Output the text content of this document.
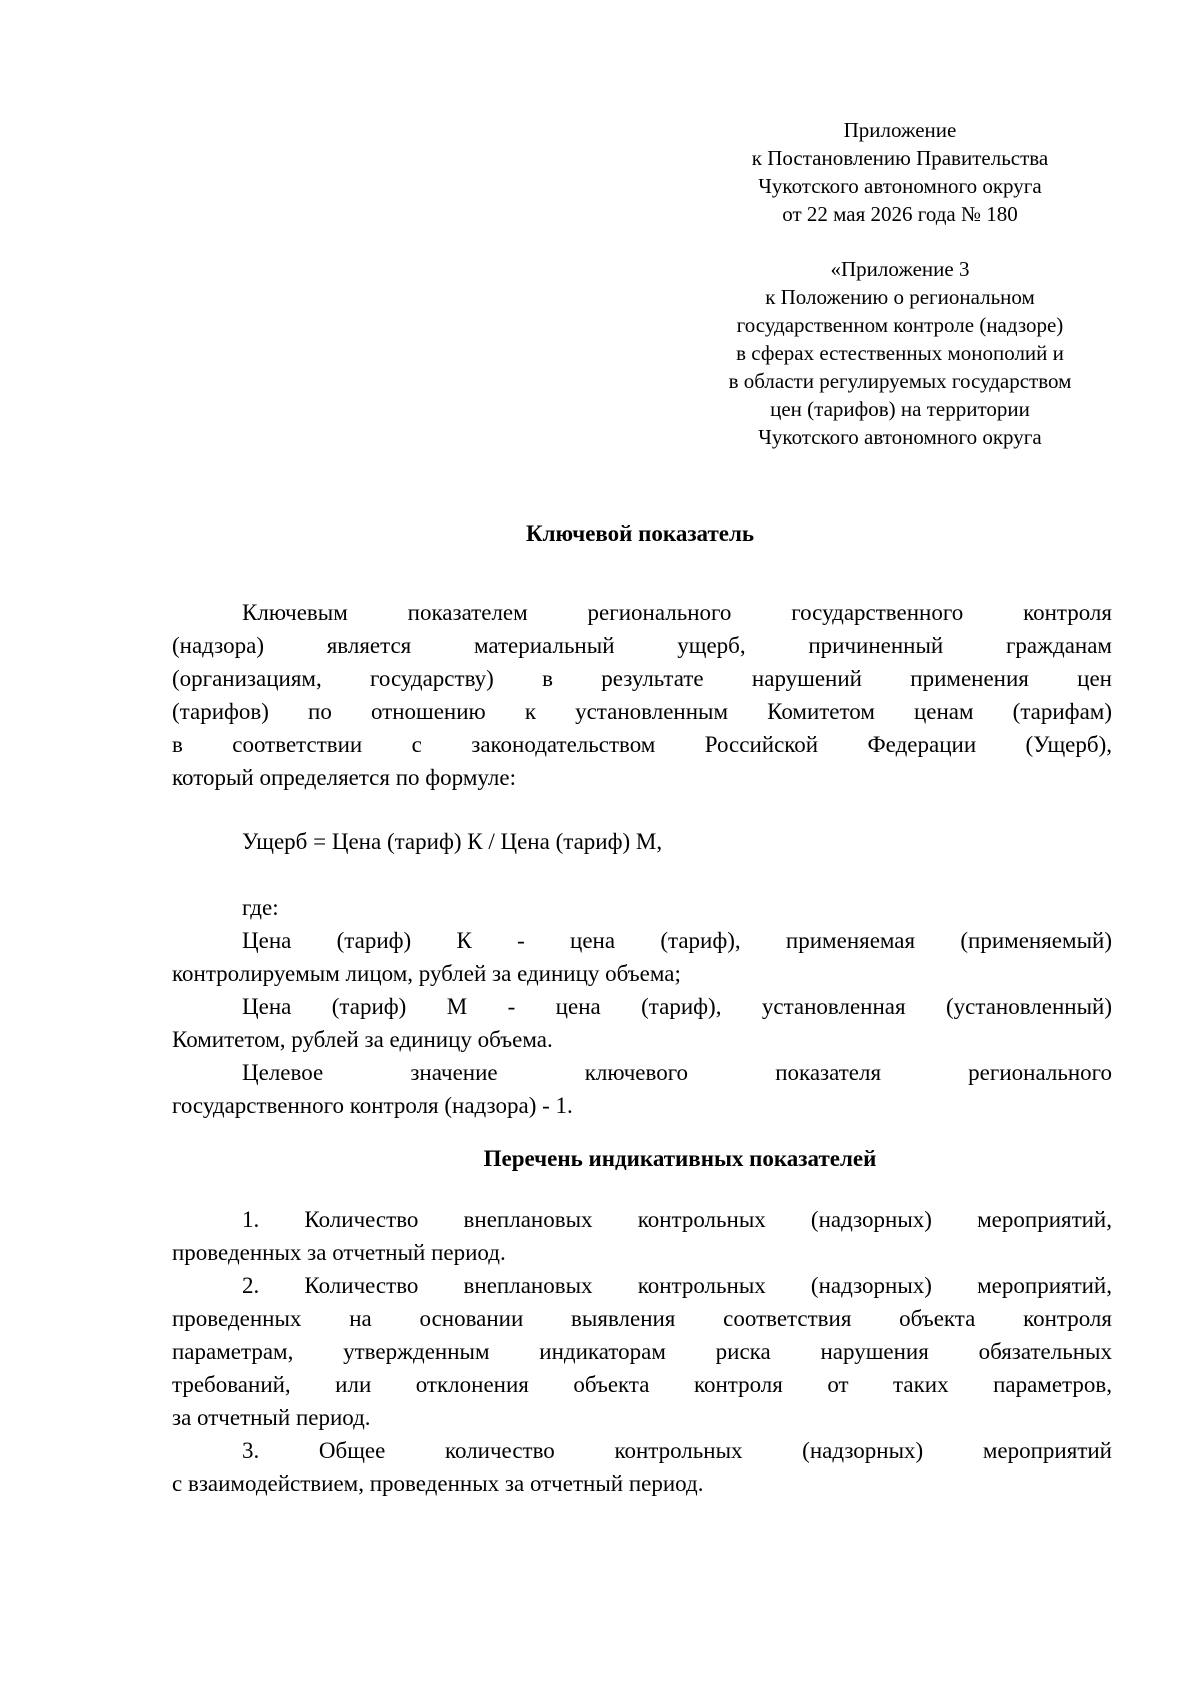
Приложение
к Постановлению Правительства
Чукотского автономного округа
от 22 мая 2026 года № 180
«Приложение 3
к Положению о региональном
государственном контроле (надзоре)
в сферах естественных монополий и
в области регулируемых государством
цен (тарифов) на территории
Чукотского автономного округа
Ключевой показатель
Ключевым показателем регионального государственного контроля
(надзора) является материальный ущерб, причиненный гражданам
(организациям, государству) в результате нарушений применения цен
(тарифов) по отношению к установленным Комитетом ценам (тарифам)
в соответствии с законодательством Российской Федерации (Ущерб),
который определяется по формуле:
Ущерб = Цена (тариф) К / Цена (тариф) М,
где:
Цена (тариф) К - цена (тариф), применяемая (применяемый)
контролируемым лицом, рублей за единицу объема;
Цена (тариф) М - цена (тариф), установленная (установленный)
Комитетом, рублей за единицу объема.
Целевое значение ключевого показателя регионального
государственного контроля (надзора) - 1.
Перечень индикативных показателей
1. Количество внеплановых контрольных (надзорных) мероприятий,
проведенных за отчетный период.
2. Количество внеплановых контрольных (надзорных) мероприятий,
проведенных на основании выявления соответствия объекта контроля
параметрам, утвержденным индикаторам риска нарушения обязательных
требований, или отклонения объекта контроля от таких параметров,
за отчетный период.
3. Общее количество контрольных (надзорных) мероприятий
с взаимодействием, проведенных за отчетный период.
